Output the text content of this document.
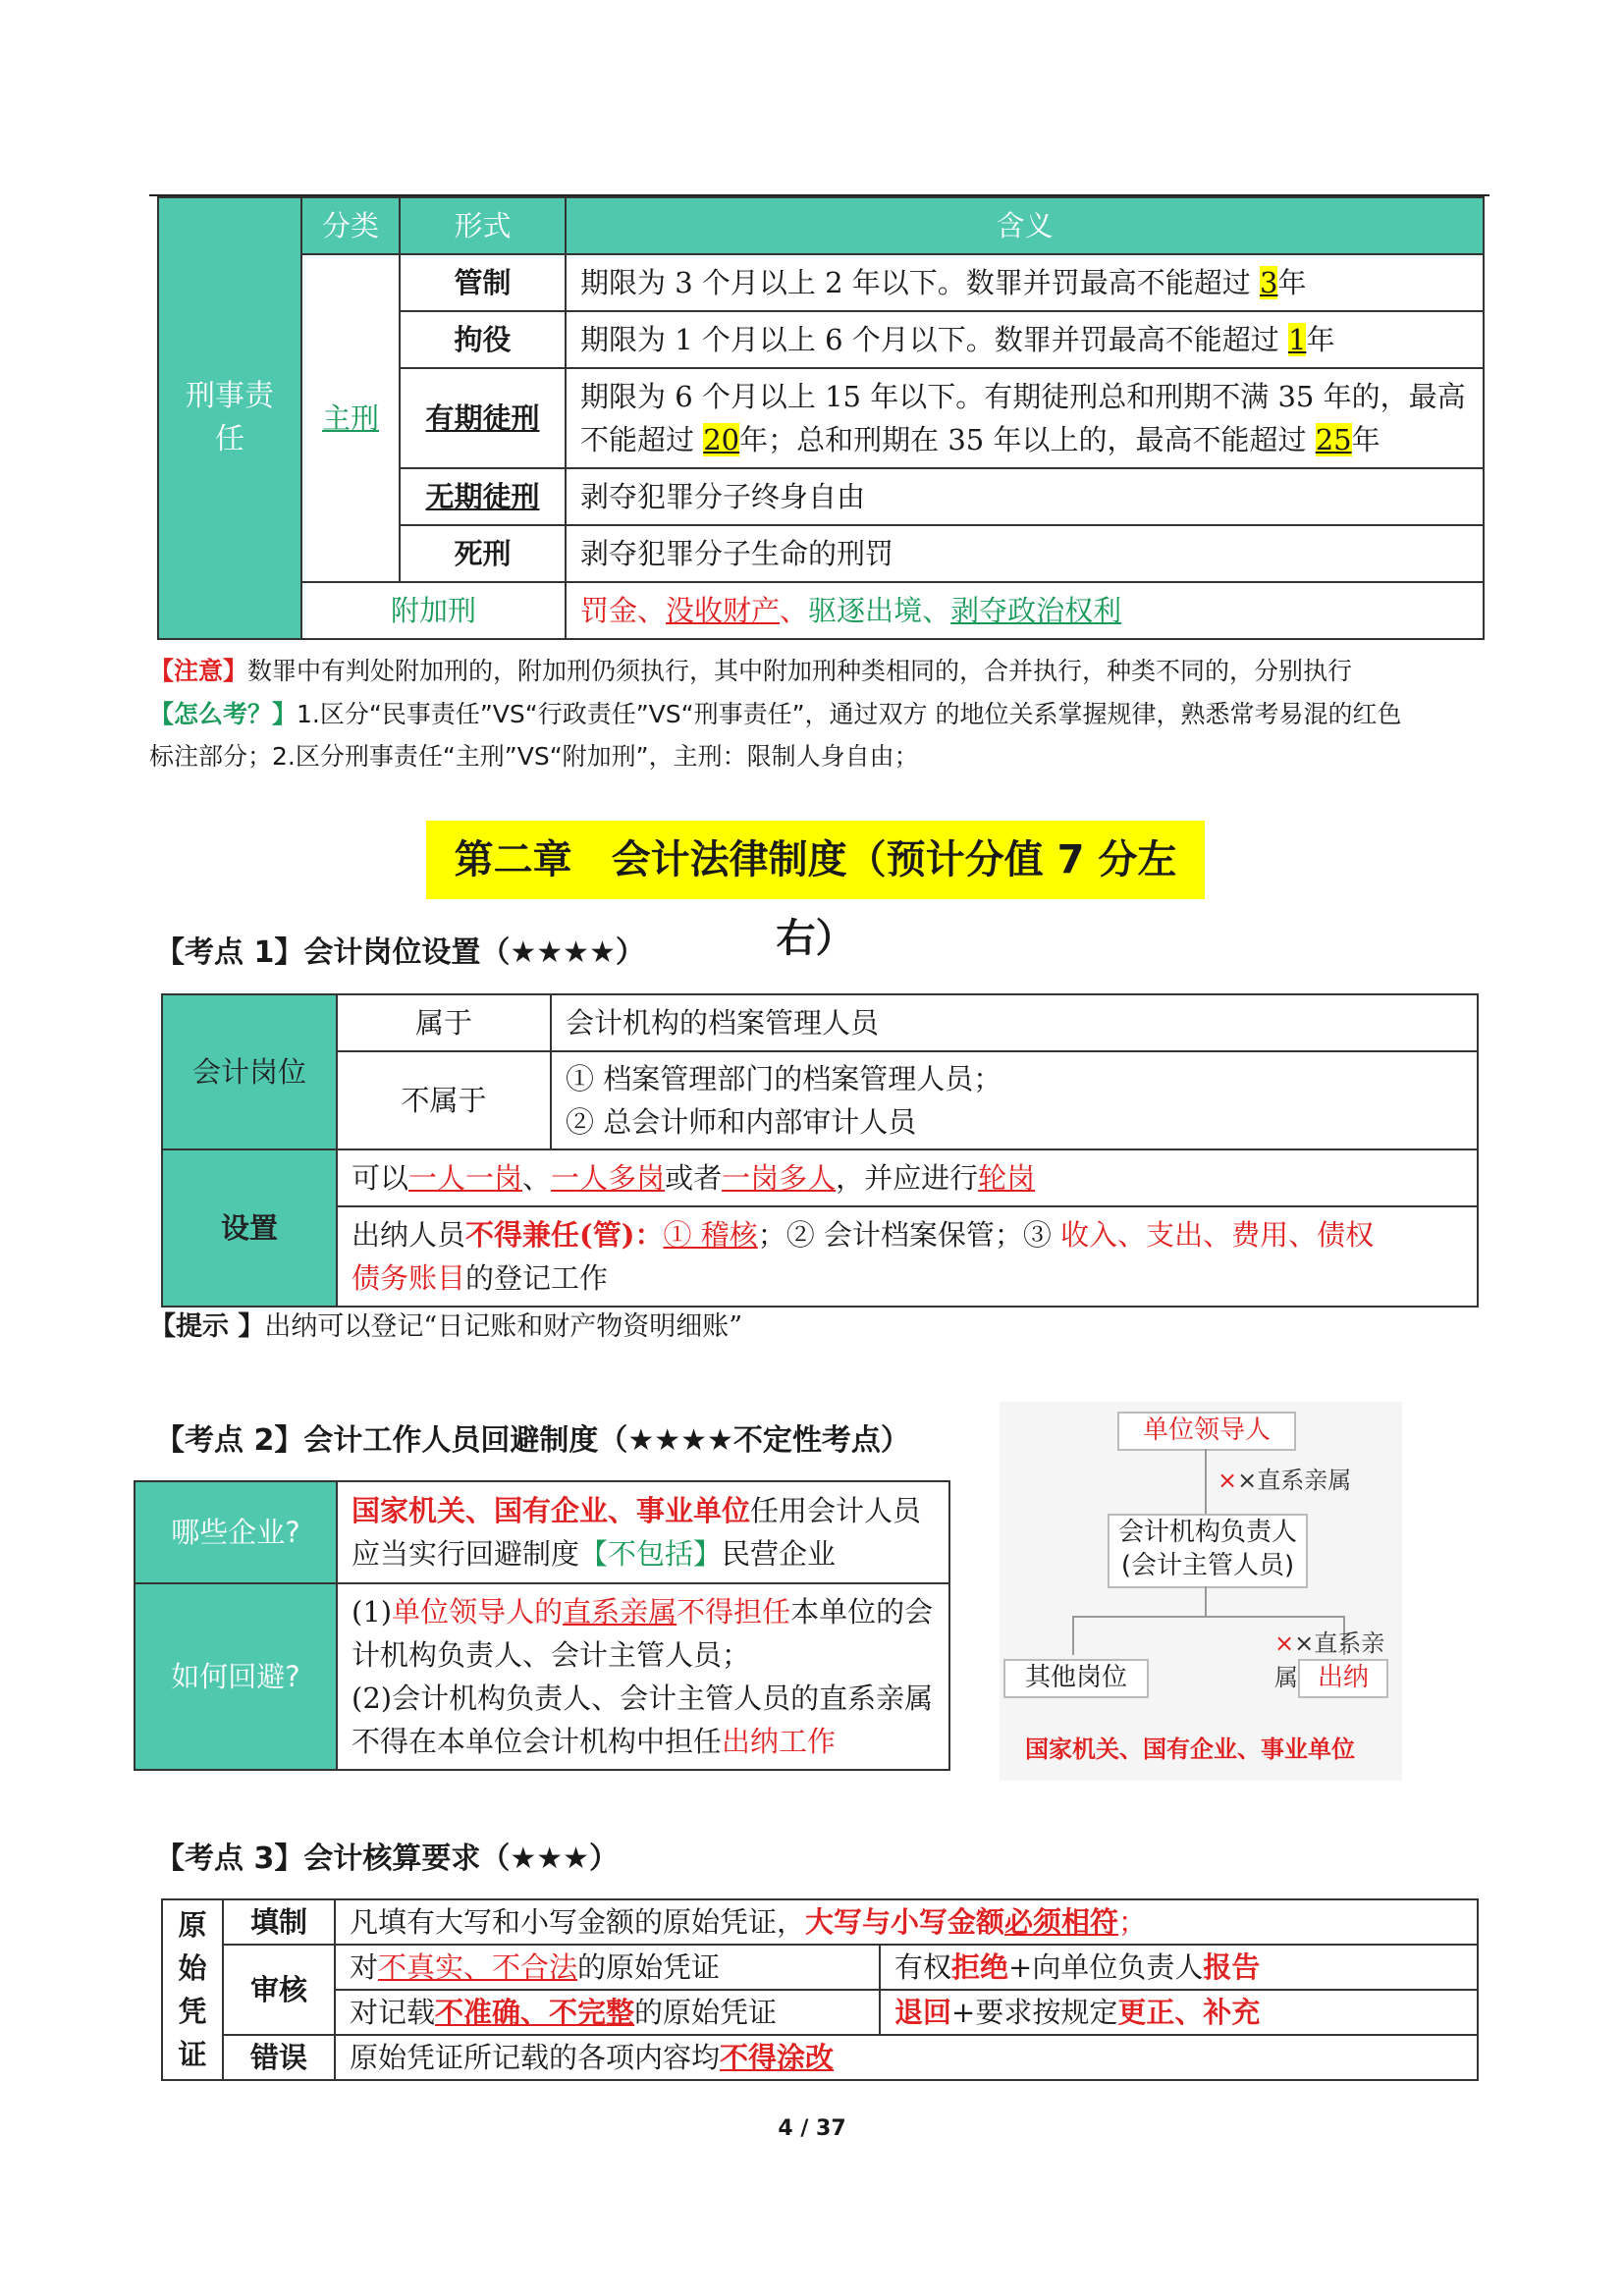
刑事责任	分类	形式	含义
	主刑	管制	期限为 3 个月以上 2 年以下。数罪并罚最高不能超过 3年
		拘役	期限为 1 个月以上 6 个月以下。数罪并罚最高不能超过 1年
		有期徒刑	期限为 6 个月以上 15 年以下。有期徒刑总和刑期不满 35 年的，最高不能超过 20年；总和刑期在 35 年以上的，最高不能超过 25年
		无期徒刑	剥夺犯罪分子终身自由
		死刑	剥夺犯罪分子生命的刑罚
	附加刑		罚金、没收财产、驱逐出境、剥夺政治权利
【注意】数罪中有判处附加刑的，附加刑仍须执行，其中附加刑种类相同的，合并执行，种类不同的，分别执行
【怎么考？】1.区分“民事责任”VS“行政责任”VS“刑事责任”，通过双方 的地位关系掌握规律，熟悉常考易混的红色
标注部分；2.区分刑事责任“主刑”VS“附加刑”，主刑：限制人身自由；
第二章　会计法律制度（预计分值 7 分左右）
【考点 1】会计岗位设置（★★★★）
会计岗位	属于	会计机构的档案管理人员
	不属于	① 档案管理部门的档案管理人员；
② 总会计师和内部审计人员
设置	可以一人一岗、一人多岗或者一岗多人，并应进行轮岗	
	出纳人员不得兼任(管)：① 稽核；② 会计档案保管；③ 收入、支出、费用、债权
债务账目的登记工作	
【提示 】出纳可以登记“日记账和财产物资明细账”
【考点 2】会计工作人员回避制度（★★★★不定性考点）
哪些企业?	国家机关、国有企业、事业单位任用会计人员应当实行回避制度【不包括】民营企业
如何回避?	(1)单位领导人的直系亲属不得担任本单位的会计机构负责人、会计主管人员；
(2)会计机构负责人、会计主管人员的直系亲属不得在本单位会计机构中担任出纳工作
单位领导人
××直系亲属
会计机构负责人
(会计主管人员)
××直系亲属
其他岗位	出纳
国家机关、国有企业、事业单位
【考点 3】会计核算要求（★★★）
原
始
凭
证	填制	凡填有大写和小写金额的原始凭证，大写与小写金额必须相符；	
	审核	对不真实、不合法的原始凭证	有权拒绝+向单位负责人报告
		对记载不准确、不完整的原始凭证	退回+要求按规定更正、补充
	错误	原始凭证所记载的各项内容均不得涂改	
4 / 37
